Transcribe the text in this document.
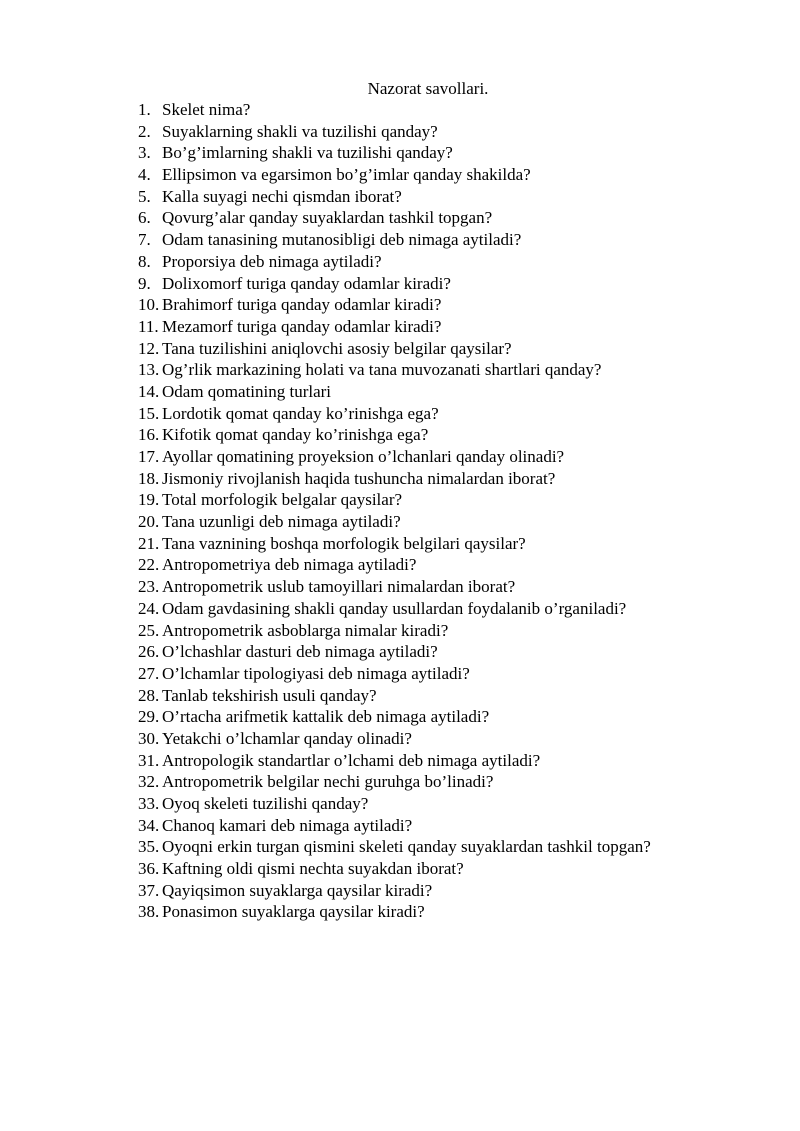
Nazorat savollari.
1. Skelet nima?
2. Suyaklarning shakli va tuzilishi qanday?
3. Bo’g’imlarning shakli va tuzilishi qanday?
4. Ellipsimon va egarsimon bo’g’imlar qanday shakilda?
5. Kalla suyagi nechi qismdan iborat?
6. Qovurg’alar qanday suyaklardan tashkil topgan?
7. Odam tanasining mutanosibligi deb nimaga aytiladi?
8. Proporsiya deb nimaga aytiladi?
9. Dolixomorf turiga qanday odamlar kiradi?
10. Brahimorf turiga qanday odamlar kiradi?
11. Mezamorf turiga qanday odamlar kiradi?
12. Tana tuzilishini aniqlovchi asosiy belgilar qaysilar?
13. Og’rlik markazining holati va tana muvozanati shartlari qanday?
14. Odam qomatining turlari
15. Lordotik qomat qanday ko’rinishga ega?
16. Kifotik qomat qanday ko’rinishga ega?
17. Ayollar qomatining proyeksion o’lchanlari qanday olinadi?
18. Jismoniy rivojlanish haqida tushuncha nimalardan iborat?
19. Total morfologik belgalar qaysilar?
20. Tana uzunligi deb nimaga aytiladi?
21. Tana vaznining boshqa morfologik belgilari qaysilar?
22. Antropometriya deb nimaga aytiladi?
23. Antropometrik uslub tamoyillari nimalardan iborat?
24. Odam gavdasining shakli qanday usullardan foydalanib o’rganiladi?
25. Antropometrik asboblarga nimalar kiradi?
26. O’lchashlar dasturi deb nimaga aytiladi?
27. O’lchamlar tipologiyasi deb nimaga aytiladi?
28. Tanlab tekshirish usuli qanday?
29. O’rtacha arifmetik kattalik deb nimaga aytiladi?
30. Yetakchi o’lchamlar qanday olinadi?
31. Antropologik standartlar o’lchami deb nimaga aytiladi?
32. Antropometrik belgilar nechi guruhga bo’linadi?
33. Oyoq skeleti tuzilishi qanday?
34. Chanoq kamari deb nimaga aytiladi?
35. Oyoqni erkin turgan qismini skeleti qanday suyaklardan tashkil topgan?
36. Kaftning oldi qismi nechta suyakdan iborat?
37. Qayiqsimon suyaklarga qaysilar kiradi?
38. Ponasimon suyaklarga qaysilar kiradi?
